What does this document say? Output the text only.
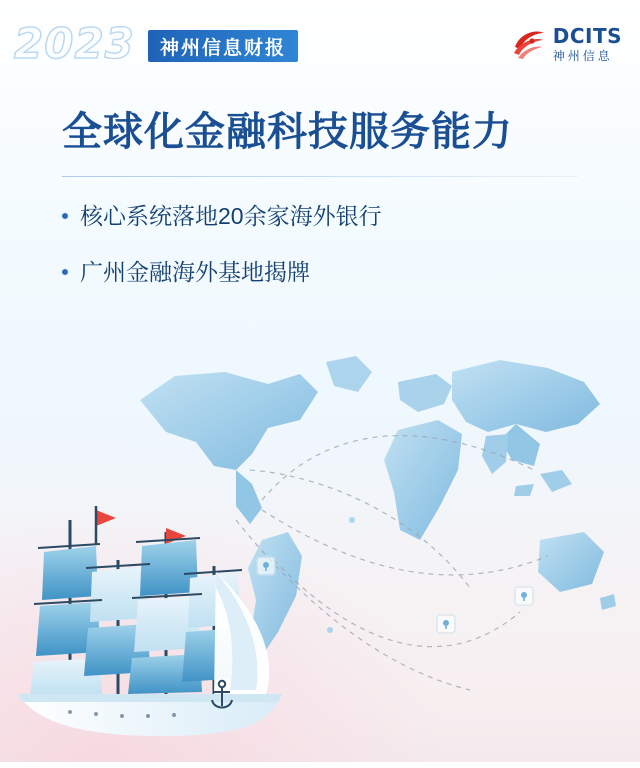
2023 神州信息财报	DCITS
神州信息
全球化金融科技服务能力
核心系统落地20余家海外银行
广州金融海外基地揭牌
